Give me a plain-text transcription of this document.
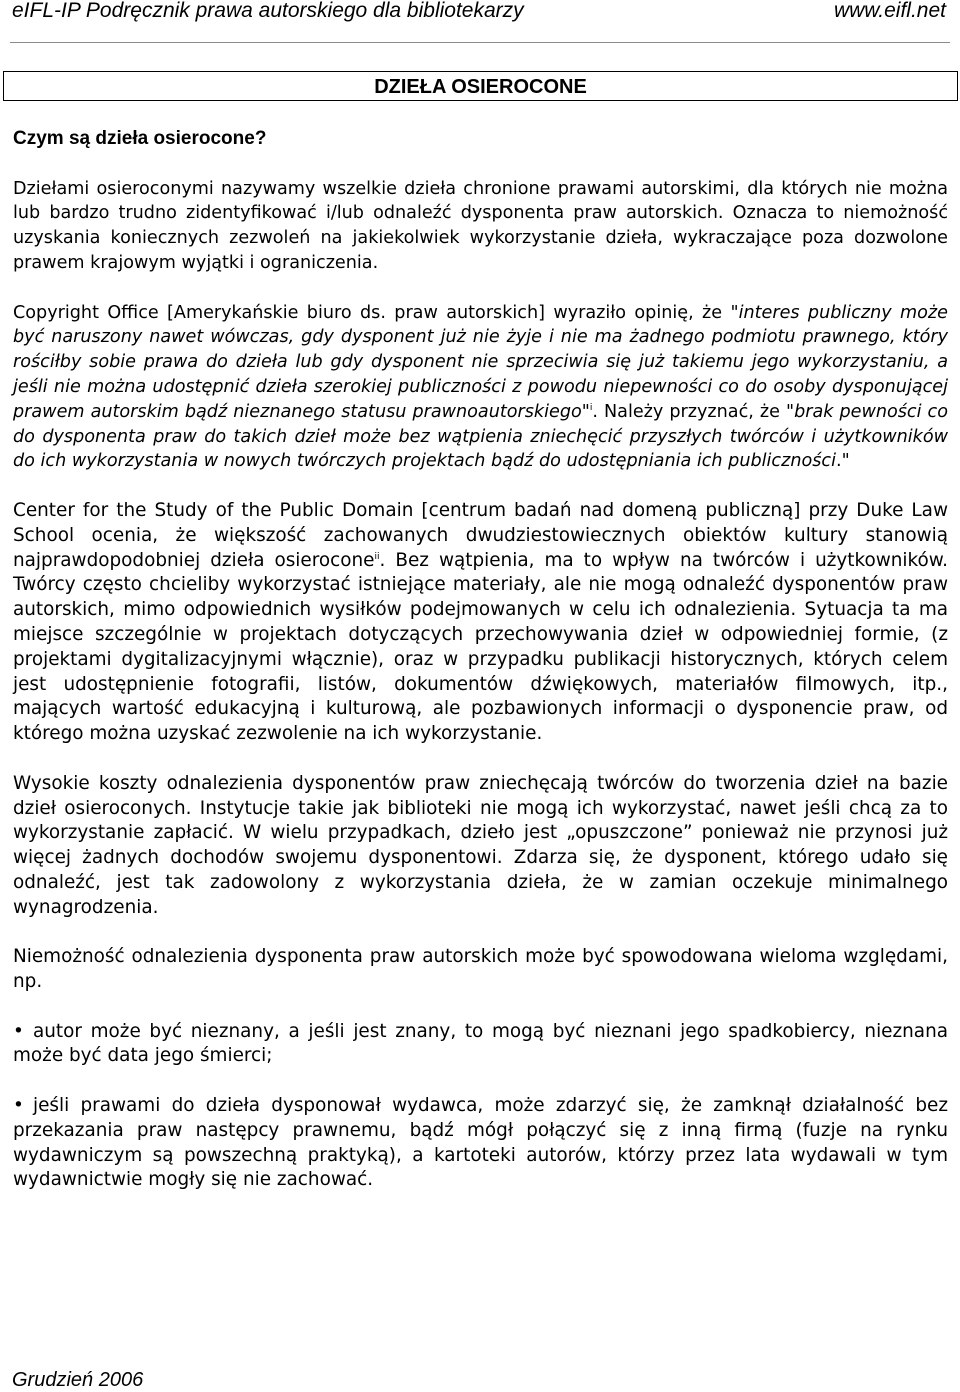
eIFL-IP Podręcznik prawa autorskiego dla bibliotekarzy	www.eifl.net
DZIEŁA OSIEROCONE

Czym są dzieła osierocone?

Dziełami osieroconymi nazywamy wszelkie dzieła chronione prawami autorskimi, dla których nie można lub bardzo trudno zidentyfikować i/lub odnaleźć dysponenta praw autorskich. Oznacza to niemożność uzyskania koniecznych zezwoleń na jakiekolwiek wykorzystanie dzieła, wykraczające poza dozwolone prawem krajowym wyjątki i ograniczenia.

Copyright Office [Amerykańskie biuro ds. praw autorskich] wyraziło opinię, że "interes publiczny może być naruszony nawet wówczas, gdy dysponent już nie żyje i nie ma żadnego podmiotu prawnego, który rościłby sobie prawa do dzieła lub gdy dysponent nie sprzeciwia się już takiemu jego wykorzystaniu, a jeśli nie można udostępnić dzieła szerokiej publiczności z powodu niepewności co do osoby dysponującej prawem autorskim bądź nieznanego statusu prawnoautorskiego"$^i$. Należy przyznać, że "brak pewności co do dysponenta praw do takich dzieł może bez wątpienia zniechęcić przyszłych twórców i użytkowników do ich wykorzystania w nowych twórczych projektach bądź do udostępniania ich publiczności."

Center for the Study of the Public Domain [centrum badań nad domeną publiczną] przy Duke Law School ocenia, że większość zachowanych dwudziestowiecznych obiektów kultury stanowią najprawdopodobniej dzieła osierocone$^{ii}$. Bez wątpienia, ma to wpływ na twórców i użytkowników. Twórcy często chcieliby wykorzystać istniejące materiały, ale nie mogą odnaleźć dysponentów praw autorskich, mimo odpowiednich wysiłków podejmowanych w celu ich odnalezienia. Sytuacja ta ma miejsce szczególnie w projektach dotyczących przechowywania dzieł w odpowiedniej formie, (z projektami dygitalizacyjnymi włącznie), oraz w przypadku publikacji historycznych, których celem jest udostępnienie fotografii, listów, dokumentów dźwiękowych, materiałów filmowych, itp., mających wartość edukacyjną i kulturową, ale pozbawionych informacji o dysponencie praw, od którego można uzyskać zezwolenie na ich wykorzystanie.

Wysokie koszty odnalezienia dysponentów praw zniechęcają twórców do tworzenia dzieł na bazie dzieł osieroconych. Instytucje takie jak biblioteki nie mogą ich wykorzystać, nawet jeśli chcą za to wykorzystanie zapłacić. W wielu przypadkach, dzieło jest „opuszczone” ponieważ nie przynosi już więcej żadnych dochodów swojemu dysponentowi. Zdarza się, że dysponent, którego udało się odnaleźć, jest tak zadowolony z wykorzystania dzieła, że w zamian oczekuje minimalnego wynagrodzenia.

Niemożność odnalezienia dysponenta praw autorskich może być spowodowana wieloma względami, np.

• autor może być nieznany, a jeśli jest znany, to mogą być nieznani jego spadkobiercy, nieznana może być data jego śmierci;

• jeśli prawami do dzieła dysponował wydawca, może zdarzyć się, że zamknął działalność bez przekazania praw następcy prawnemu, bądź mógł połączyć się z inną firmą (fuzje na rynku wydawniczym są powszechną praktyką), a kartoteki autorów, którzy przez lata wydawali w tym wydawnictwie mogły się nie zachować.

Grudzień 2006
